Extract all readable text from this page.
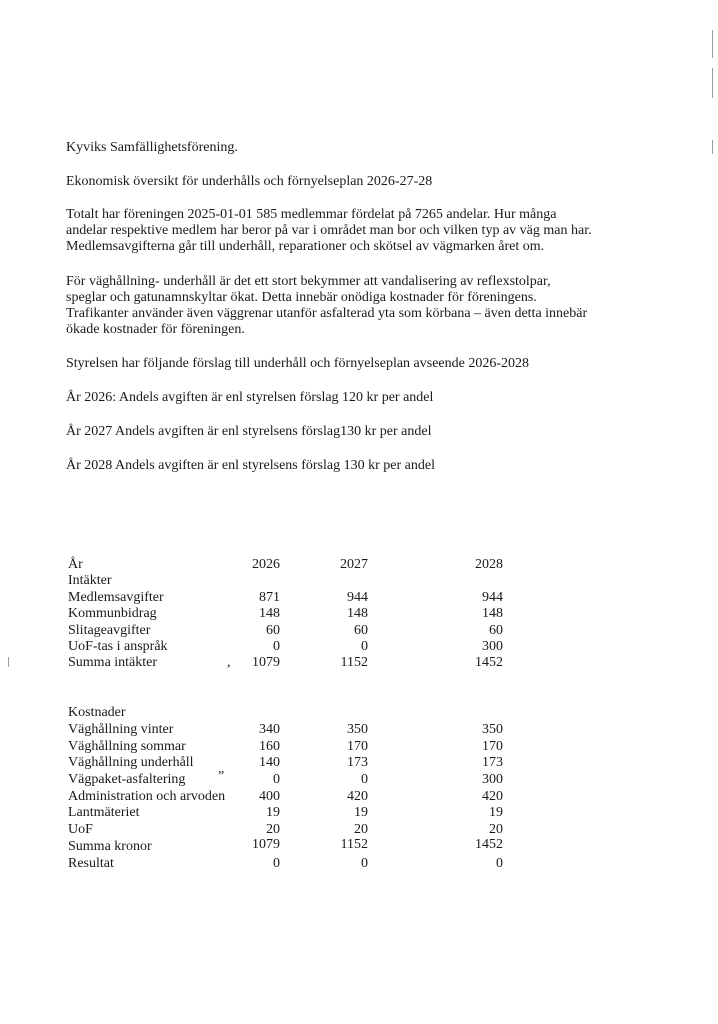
Kyviks Samfällighetsförening.
Ekonomisk översikt för underhålls och förnyelseplan 2026-27-28
Totalt har föreningen 2025-01-01 585 medlemmar fördelat på 7265 andelar. Hur många
andelar respektive medlem har beror på var i området man bor och vilken typ av väg man har.
Medlemsavgifterna går till underhåll, reparationer och skötsel av vägmarken året om.
För väghållning- underhåll är det ett stort bekymmer att vandalisering av reflexstolpar,
speglar och gatunamnskyltar ökat. Detta innebär onödiga kostnader för föreningens.
Trafikanter använder även väggrenar utanför asfalterad yta som körbana – även detta innebär
ökade kostnader för föreningen.
Styrelsen har följande förslag till underhåll och förnyelseplan avseende 2026-2028
År 2026: Andels avgiften är enl styrelsen förslag 120 kr per andel
År 2027 Andels avgiften är enl styrelsens förslag130 kr per andel
År 2028 Andels avgiften är enl styrelsens förslag 130 kr per andel
År	2026	2027	2028
Intäkter
Medlemsavgifter	871	944	944
Kommunbidrag	148	148	148
Slitageavgifter	60	60	60
UoF-tas i anspråk	0	0	300
Summa intäkter	, 1079	1152	1452
Kostnader
Väghållning vinter	340	350	350
Väghållning sommar	160	170	170
Väghållning underhåll	140	173	173
Vägpaket-asfaltering ”	0	0	300
Administration och arvoden 400	420	420
Lantmäteriet	19	19	19
UoF	20	20	20
Summa kronor	1079	1152	1452
Resultat	0	0	0
